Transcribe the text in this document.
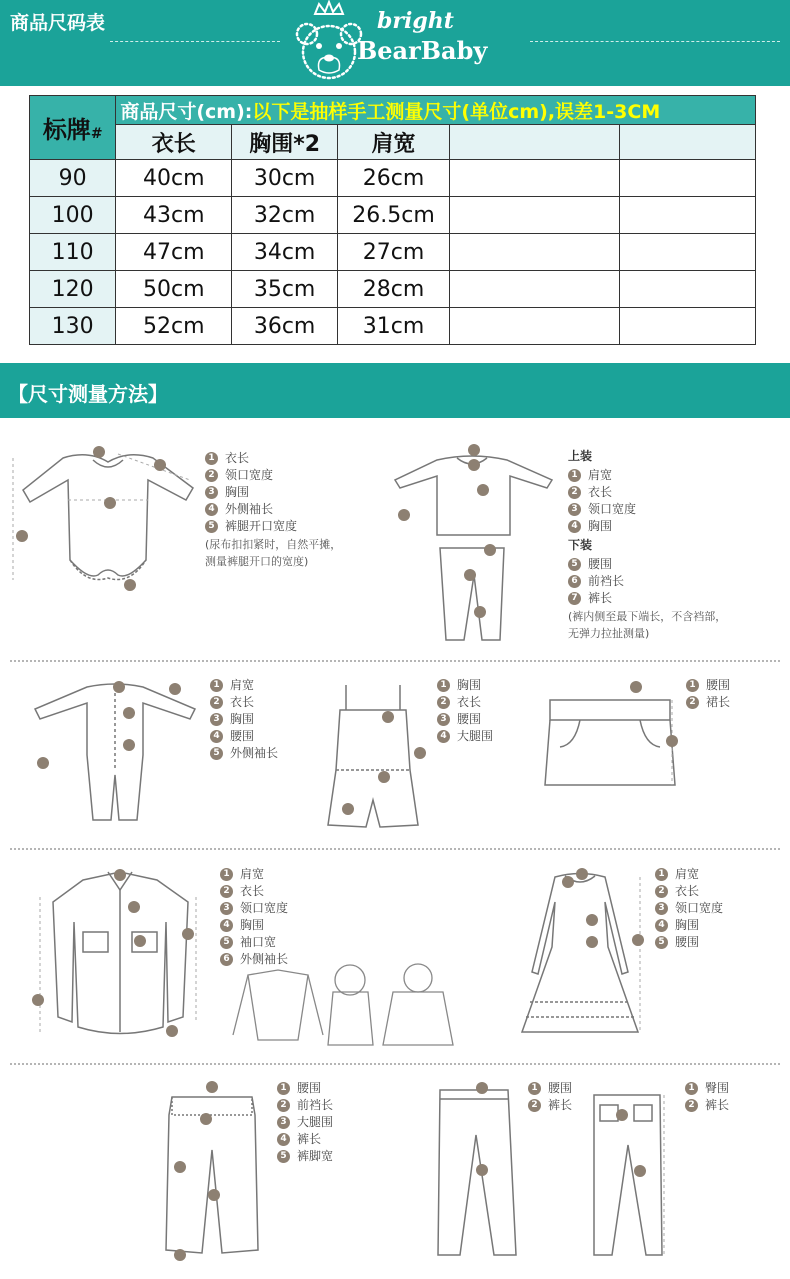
商品尺码表	bright
BearBaby
标牌#	商品尺寸(cm):以下是抽样手工测量尺寸(单位cm),误差1-3CM				
	衣长	胸围*2	肩宽		
90	40cm	30cm	26cm		
100	43cm	32cm	26.5cm		
110	47cm	34cm	27cm		
120	50cm	35cm	28cm		
130	52cm	36cm	31cm		
【尺寸测量方法】
1 衣长
2 领口宽度
3 胸围
4 外侧袖长
5 裤腿开口宽度
(尿布扣扣紧时，自然平摊，
测量裤腿开口的宽度)
上装
1 肩宽
2 衣长
3 领口宽度
4 胸围
下装
5 腰围
6 前裆长
7 裤长
(裤内侧至最下端长，不含裆部，
无弹力拉扯测量)
1 肩宽
2 衣长
3 胸围
4 腰围
5 外侧袖长
1 胸围
2 衣长
3 腰围
4 大腿围
1 腰围
2 裙长
1 肩宽
2 衣长
3 领口宽度
4 胸围
5 袖口宽
6 外侧袖长
1 肩宽
2 衣长
3 领口宽度
4 胸围
5 腰围
1 腰围
2 前裆长
3 大腿围
4 裤长
5 裤脚宽
1 腰围
2 裤长
1 臀围
2 裤长
